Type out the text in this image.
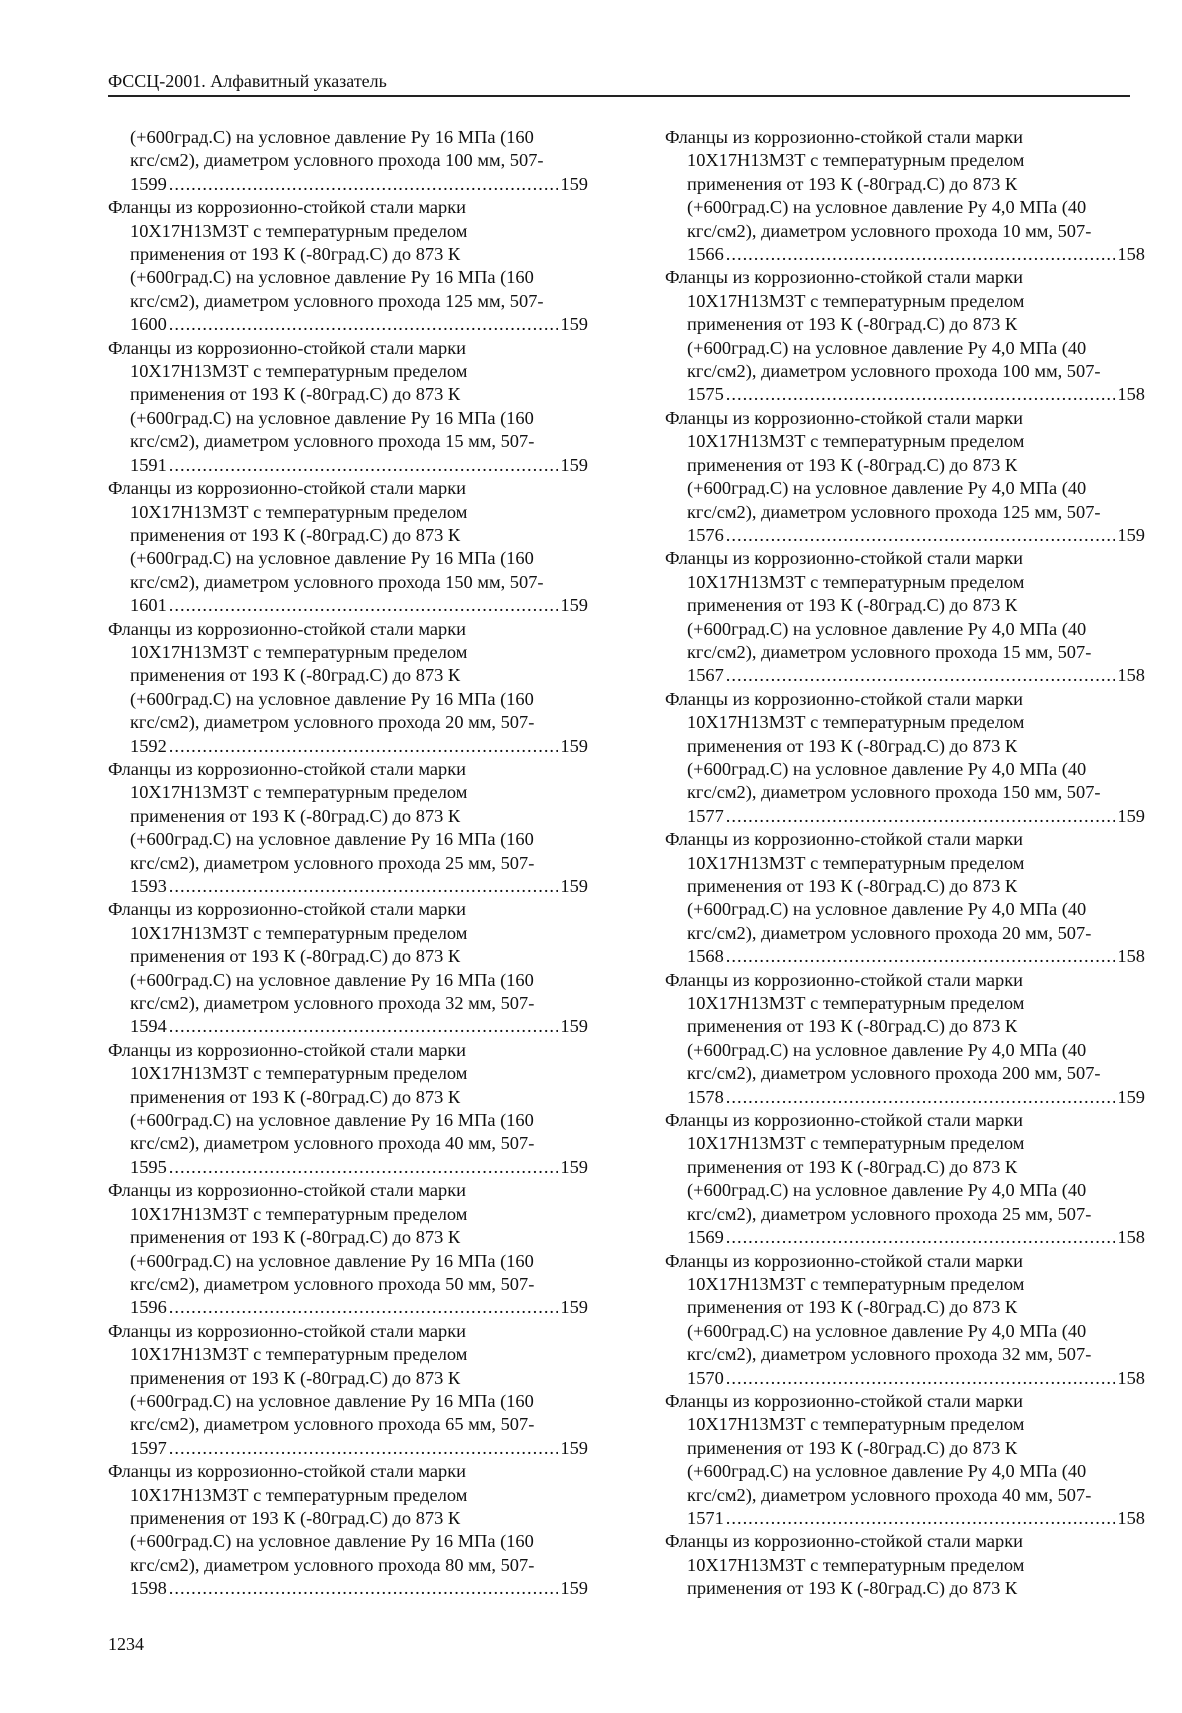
ФССЦ-2001. Алфавитный указатель
(+600град.С) на условное давление Ру 16 МПа (160
кгс/см2), диаметром условного прохода 100 мм, 507-
1599 .....	159
Фланцы из коррозионно-стойкой стали марки
10Х17Н13М3Т с температурным пределом
применения от 193 К (-80град.С) до 873 К
(+600град.С) на условное давление Ру 16 МПа (160
кгс/см2), диаметром условного прохода 125 мм, 507-
1600 .....	159
Фланцы из коррозионно-стойкой стали марки
10Х17Н13М3Т с температурным пределом
применения от 193 К (-80град.С) до 873 К
(+600град.С) на условное давление Ру 16 МПа (160
кгс/см2), диаметром условного прохода 15 мм, 507-
1591 .....	159
Фланцы из коррозионно-стойкой стали марки
10Х17Н13М3Т с температурным пределом
применения от 193 К (-80град.С) до 873 К
(+600град.С) на условное давление Ру 16 МПа (160
кгс/см2), диаметром условного прохода 150 мм, 507-
1601 .....	159
Фланцы из коррозионно-стойкой стали марки
10Х17Н13М3Т с температурным пределом
применения от 193 К (-80град.С) до 873 К
(+600град.С) на условное давление Ру 16 МПа (160
кгс/см2), диаметром условного прохода 20 мм, 507-
1592 .....	159
Фланцы из коррозионно-стойкой стали марки
10Х17Н13М3Т с температурным пределом
применения от 193 К (-80град.С) до 873 К
(+600град.С) на условное давление Ру 16 МПа (160
кгс/см2), диаметром условного прохода 25 мм, 507-
1593 .....	159
Фланцы из коррозионно-стойкой стали марки
10Х17Н13М3Т с температурным пределом
применения от 193 К (-80град.С) до 873 К
(+600град.С) на условное давление Ру 16 МПа (160
кгс/см2), диаметром условного прохода 32 мм, 507-
1594 .....	159
Фланцы из коррозионно-стойкой стали марки
10Х17Н13М3Т с температурным пределом
применения от 193 К (-80град.С) до 873 К
(+600град.С) на условное давление Ру 16 МПа (160
кгс/см2), диаметром условного прохода 40 мм, 507-
1595 .....	159
Фланцы из коррозионно-стойкой стали марки
10Х17Н13М3Т с температурным пределом
применения от 193 К (-80град.С) до 873 К
(+600град.С) на условное давление Ру 16 МПа (160
кгс/см2), диаметром условного прохода 50 мм, 507-
1596 .....	159
Фланцы из коррозионно-стойкой стали марки
10Х17Н13М3Т с температурным пределом
применения от 193 К (-80град.С) до 873 К
(+600град.С) на условное давление Ру 16 МПа (160
кгс/см2), диаметром условного прохода 65 мм, 507-
1597 .....	159
Фланцы из коррозионно-стойкой стали марки
10Х17Н13М3Т с температурным пределом
применения от 193 К (-80град.С) до 873 К
(+600град.С) на условное давление Ру 16 МПа (160
кгс/см2), диаметром условного прохода 80 мм, 507-
1598 .....	159
Фланцы из коррозионно-стойкой стали марки
10Х17Н13М3Т с температурным пределом
применения от 193 К (-80град.С) до 873 К
(+600град.С) на условное давление Ру 4,0 МПа (40
кгс/см2), диаметром условного прохода 10 мм, 507-
1566 .....	158
Фланцы из коррозионно-стойкой стали марки
10Х17Н13М3Т с температурным пределом
применения от 193 К (-80град.С) до 873 К
(+600град.С) на условное давление Ру 4,0 МПа (40
кгс/см2), диаметром условного прохода 100 мм, 507-
1575 .....	158
Фланцы из коррозионно-стойкой стали марки
10Х17Н13М3Т с температурным пределом
применения от 193 К (-80град.С) до 873 К
(+600град.С) на условное давление Ру 4,0 МПа (40
кгс/см2), диаметром условного прохода 125 мм, 507-
1576 .....	159
Фланцы из коррозионно-стойкой стали марки
10Х17Н13М3Т с температурным пределом
применения от 193 К (-80град.С) до 873 К
(+600град.С) на условное давление Ру 4,0 МПа (40
кгс/см2), диаметром условного прохода 15 мм, 507-
1567 .....	158
Фланцы из коррозионно-стойкой стали марки
10Х17Н13М3Т с температурным пределом
применения от 193 К (-80град.С) до 873 К
(+600град.С) на условное давление Ру 4,0 МПа (40
кгс/см2), диаметром условного прохода 150 мм, 507-
1577 .....	159
Фланцы из коррозионно-стойкой стали марки
10Х17Н13М3Т с температурным пределом
применения от 193 К (-80град.С) до 873 К
(+600град.С) на условное давление Ру 4,0 МПа (40
кгс/см2), диаметром условного прохода 20 мм, 507-
1568 .....	158
Фланцы из коррозионно-стойкой стали марки
10Х17Н13М3Т с температурным пределом
применения от 193 К (-80град.С) до 873 К
(+600град.С) на условное давление Ру 4,0 МПа (40
кгс/см2), диаметром условного прохода 200 мм, 507-
1578 .....	159
Фланцы из коррозионно-стойкой стали марки
10Х17Н13М3Т с температурным пределом
применения от 193 К (-80град.С) до 873 К
(+600град.С) на условное давление Ру 4,0 МПа (40
кгс/см2), диаметром условного прохода 25 мм, 507-
1569 .....	158
Фланцы из коррозионно-стойкой стали марки
10Х17Н13М3Т с температурным пределом
применения от 193 К (-80град.С) до 873 К
(+600град.С) на условное давление Ру 4,0 МПа (40
кгс/см2), диаметром условного прохода 32 мм, 507-
1570 .....	158
Фланцы из коррозионно-стойкой стали марки
10Х17Н13М3Т с температурным пределом
применения от 193 К (-80град.С) до 873 К
(+600град.С) на условное давление Ру 4,0 МПа (40
кгс/см2), диаметром условного прохода 40 мм, 507-
1571 .....	158
Фланцы из коррозионно-стойкой стали марки
10Х17Н13М3Т с температурным пределом
применения от 193 К (-80град.С) до 873 К
1234
